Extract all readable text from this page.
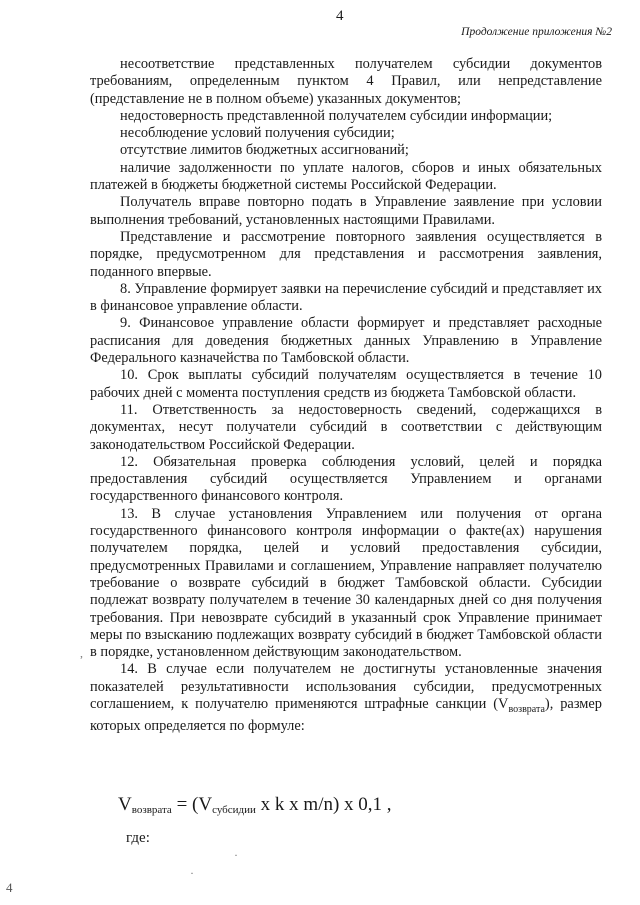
4
Продолжение приложения №2

несоответствие представленных получателем субсидии документов требованиям, определенным пунктом 4 Правил, или непредставление (представление не в полном объеме) указанных документов;

недостоверность представленной получателем субсидии информации;

несоблюдение условий получения субсидии;

отсутствие лимитов бюджетных ассигнований;

наличие задолженности по уплате налогов, сборов и иных обязательных платежей в бюджеты бюджетной системы Российской Федерации.

Получатель вправе повторно подать в Управление заявление при условии выполнения требований, установленных настоящими Правилами.

Представление и рассмотрение повторного заявления осуществляется в порядке, предусмотренном для представления и рассмотрения заявления, поданного впервые.

8. Управление формирует заявки на перечисление субсидий и представляет их в финансовое управление области.

9. Финансовое управление области формирует и представляет расходные расписания для доведения бюджетных данных Управлению в Управление Федерального казначейства по Тамбовской области.

10. Срок выплаты субсидий получателям осуществляется в течение 10 рабочих дней с момента поступления средств из бюджета Тамбовской области.

11. Ответственность за недостоверность сведений, содержащихся в документах, несут получатели субсидий в соответствии с действующим законодательством Российской Федерации.

12. Обязательная проверка соблюдения условий, целей и порядка предоставления субсидий осуществляется Управлением и органами государственного финансового контроля.

13. В случае установления Управлением или получения от органа государственного финансового контроля информации о факте(ах) нарушения получателем порядка, целей и условий предоставления субсидии, предусмотренных Правилами и соглашением, Управление направляет получателю требование о возврате субсидий в бюджет Тамбовской области. Субсидии подлежат возврату получателем в течение 30 календарных дней со дня получения требования. При невозврате субсидий в указанный срок Управление принимает меры по взысканию подлежащих возврату субсидий в бюджет Тамбовской области в порядке, установленном действующим законодательством.

14. В случае если получателем не достигнуты установленные значения показателей результативности использования субсидии, предусмотренных соглашением, к получателю применяются штрафные санкции $(V_{возврата})$, размер которых определяется по формуле:

$V_{возврата} = (V_{субсидии}$ x k x m/n) x 0,1 ,
где:
4
,
·
·
